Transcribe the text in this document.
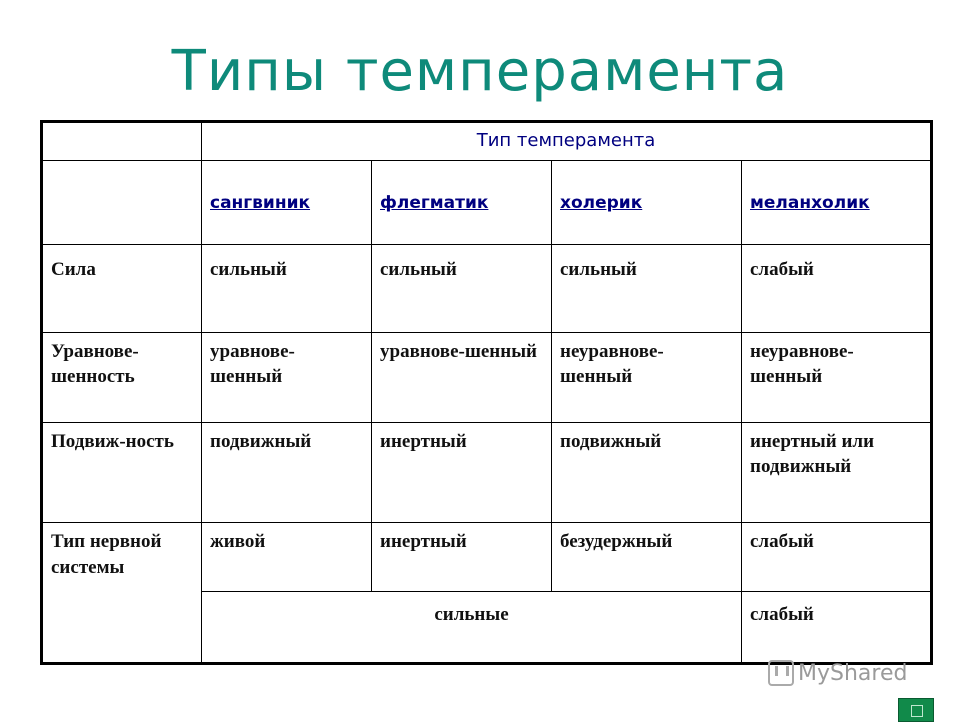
Типы темперамента
	Тип темперамента			
	сангвиник	флегматик	холерик	меланхолик
Сила	сильный	сильный	сильный	слабый
Уравнове-шенность	уравнове-шенный	уравнове-шенный	неуравнове-шенный	неуравнове-шенный
Подвиж-ность	подвижный	инертный	подвижный	инертный или подвижный
Тип нервной системы	живой	инертный	безудержный	слабый
	сильные			слабый
MyShared
